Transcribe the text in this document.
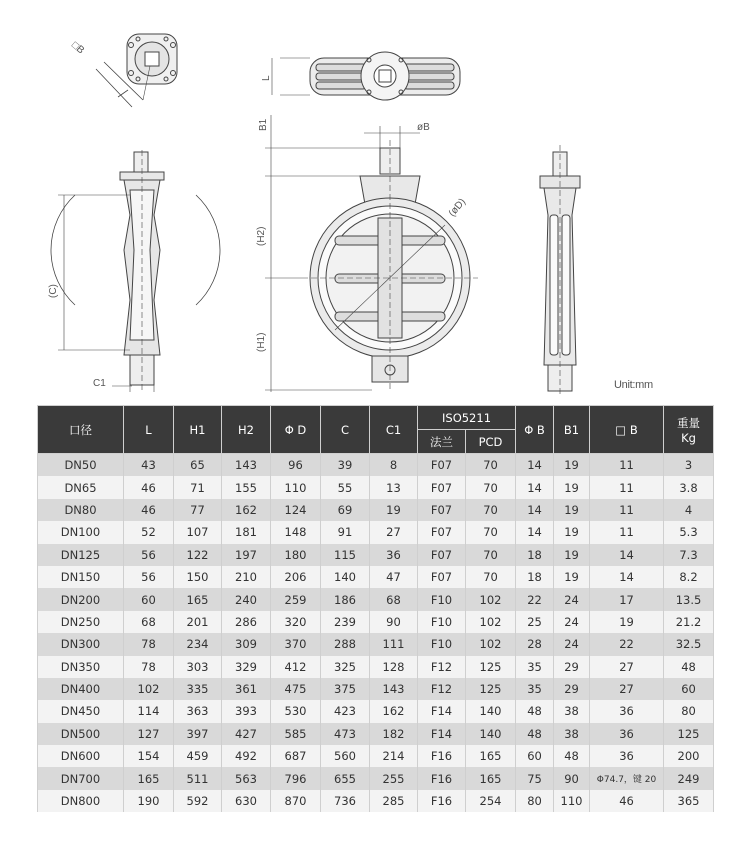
□B
L
B1	øB
(H2)
(H1)
(øD)
(C)
C1	Unit:mm
口径	L	H1	H2	Φ D	C	C1	ISO5211		Φ B	B1	□ B	重量
Kg

							法兰	PCD				
DN50	43	65	143	96	39	8	F07	70	14	19	11	3
DN65	46	71	155	110	55	13	F07	70	14	19	11	3.8
DN80	46	77	162	124	69	19	F07	70	14	19	11	4
DN100	52	107	181	148	91	27	F07	70	14	19	11	5.3
DN125	56	122	197	180	115	36	F07	70	18	19	14	7.3
DN150	56	150	210	206	140	47	F07	70	18	19	14	8.2
DN200	60	165	240	259	186	68	F10	102	22	24	17	13.5
DN250	68	201	286	320	239	90	F10	102	25	24	19	21.2
DN300	78	234	309	370	288	111	F10	102	28	24	22	32.5
DN350	78	303	329	412	325	128	F12	125	35	29	27	48
DN400	102	335	361	475	375	143	F12	125	35	29	27	60
DN450	114	363	393	530	423	162	F14	140	48	38	36	80
DN500	127	397	427	585	473	182	F14	140	48	38	36	125
DN600	154	459	492	687	560	214	F16	165	60	48	36	200
DN700	165	511	563	796	655	255	F16	165	75	90	Φ74.7，键 20	249
DN800	190	592	630	870	736	285	F16	254	80	110	46	365
